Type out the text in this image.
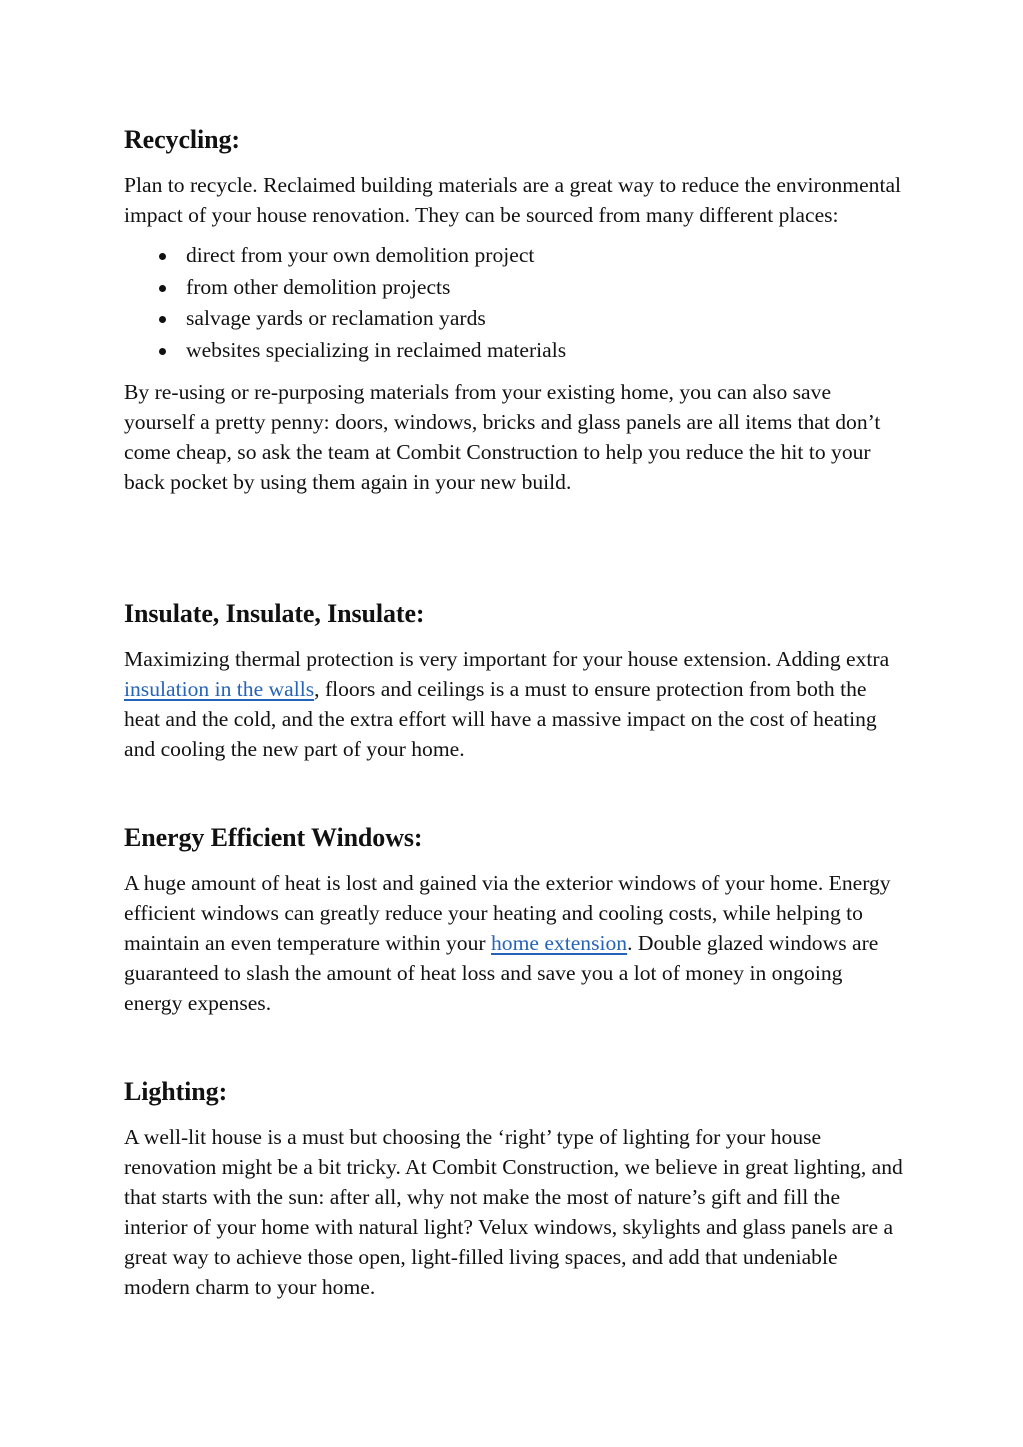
Recycling:

Plan to recycle. Reclaimed building materials are a great way to reduce the environmental impact of your house renovation. They can be sourced from many different places:

direct from your own demolition project
from other demolition projects
salvage yards or reclamation yards
websites specializing in reclaimed materials

By re-using or re-purposing materials from your existing home, you can also save yourself a pretty penny: doors, windows, bricks and glass panels are all items that don’t come cheap, so ask the team at Combit Construction to help you reduce the hit to your back pocket by using them again in your new build.

Insulate, Insulate, Insulate:

Maximizing thermal protection is very important for your house extension. Adding extra insulation in the walls, floors and ceilings is a must to ensure protection from both the heat and the cold, and the extra effort will have a massive impact on the cost of heating and cooling the new part of your home.

Energy Efficient Windows:

A huge amount of heat is lost and gained via the exterior windows of your home. Energy efficient windows can greatly reduce your heating and cooling costs, while helping to maintain an even temperature within your home extension. Double glazed windows are guaranteed to slash the amount of heat loss and save you a lot of money in ongoing energy expenses.

Lighting:

A well-lit house is a must but choosing the ‘right’ type of lighting for your house renovation might be a bit tricky. At Combit Construction, we believe in great lighting, and that starts with the sun: after all, why not make the most of nature’s gift and fill the interior of your home with natural light? Velux windows, skylights and glass panels are a great way to achieve those open, light-filled living spaces, and add that undeniable modern charm to your home.
